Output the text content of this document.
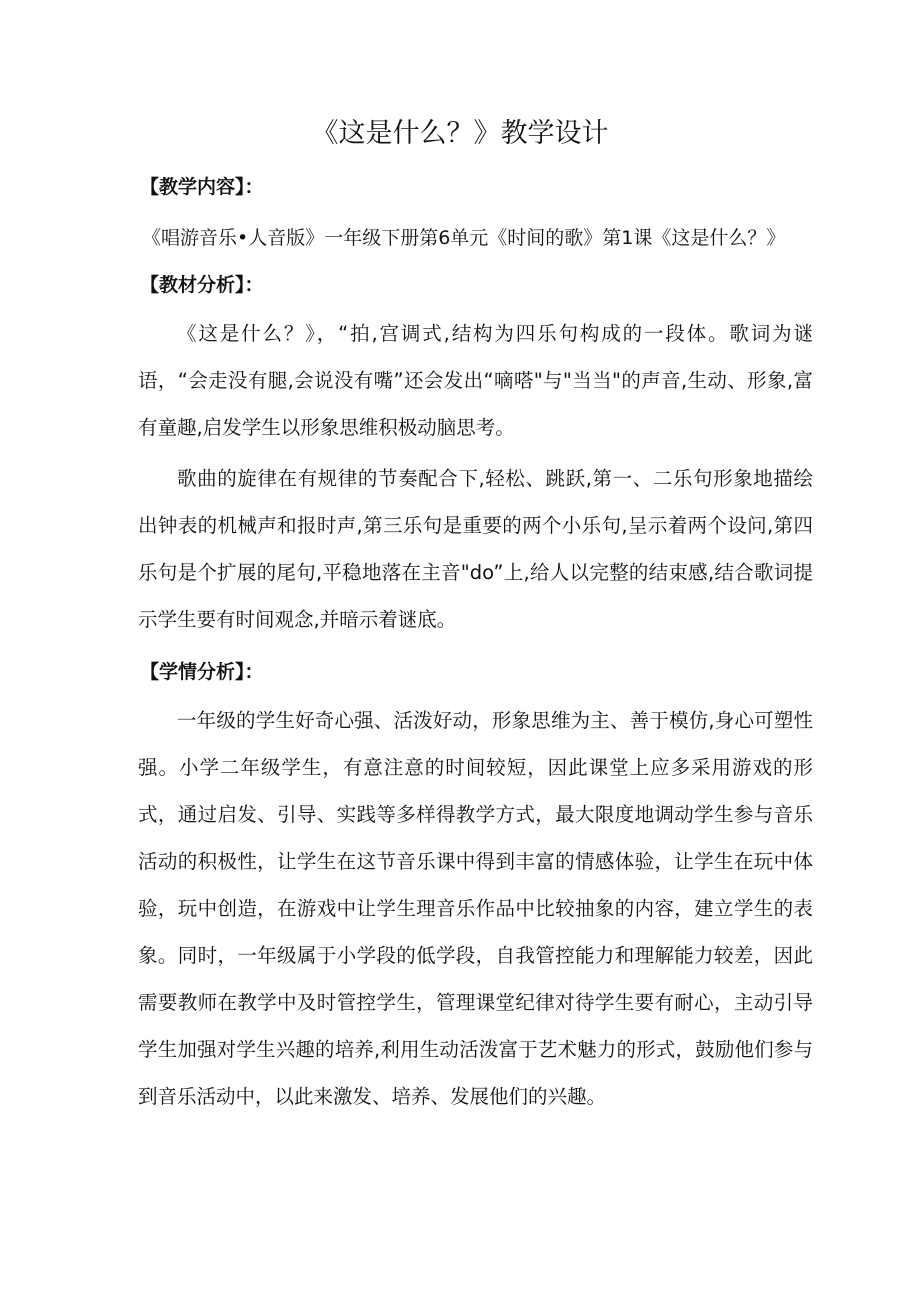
《这是什么？》教学设计
【教学内容】：
《唱游音乐•人音版》一年级下册第6单元《时间的歌》第1课《这是什么？》
【教材分析】：

《这是什么？》，“拍,宫调式,结构为四乐句构成的一段体。歌词为谜语，“会走没有腿,会说没有嘴”还会发出“嘀嗒"与"当当"的声音,生动、形象,富有童趣,启发学生以形象思维积极动脑思考。

歌曲的旋律在有规律的节奏配合下,轻松、跳跃,第一、二乐句形象地描绘出钟表的机械声和报时声,第三乐句是重要的两个小乐句,呈示着两个设问,第四乐句是个扩展的尾句,平稳地落在主音"do”上,给人以完整的结束感,结合歌词提示学生要有时间观念,并暗示着谜底。

【学情分析】：

一年级的学生好奇心强、活泼好动，形象思维为主、善于模仿,身心可塑性强。小学二年级学生，有意注意的时间较短，因此课堂上应多采用游戏的形式，通过启发、引导、实践等多样得教学方式，最大限度地调动学生参与音乐活动的积极性，让学生在这节音乐课中得到丰富的情感体验，让学生在玩中体验，玩中创造，在游戏中让学生理音乐作品中比较抽象的内容，建立学生的表象。同时，一年级属于小学段的低学段，自我管控能力和理解能力较差，因此需要教师在教学中及时管控学生，管理课堂纪律对待学生要有耐心，主动引导学生加强对学生兴趣的培养,利用生动活泼富于艺术魅力的形式，鼓励他们参与到音乐活动中，以此来激发、培养、发展他们的兴趣。
